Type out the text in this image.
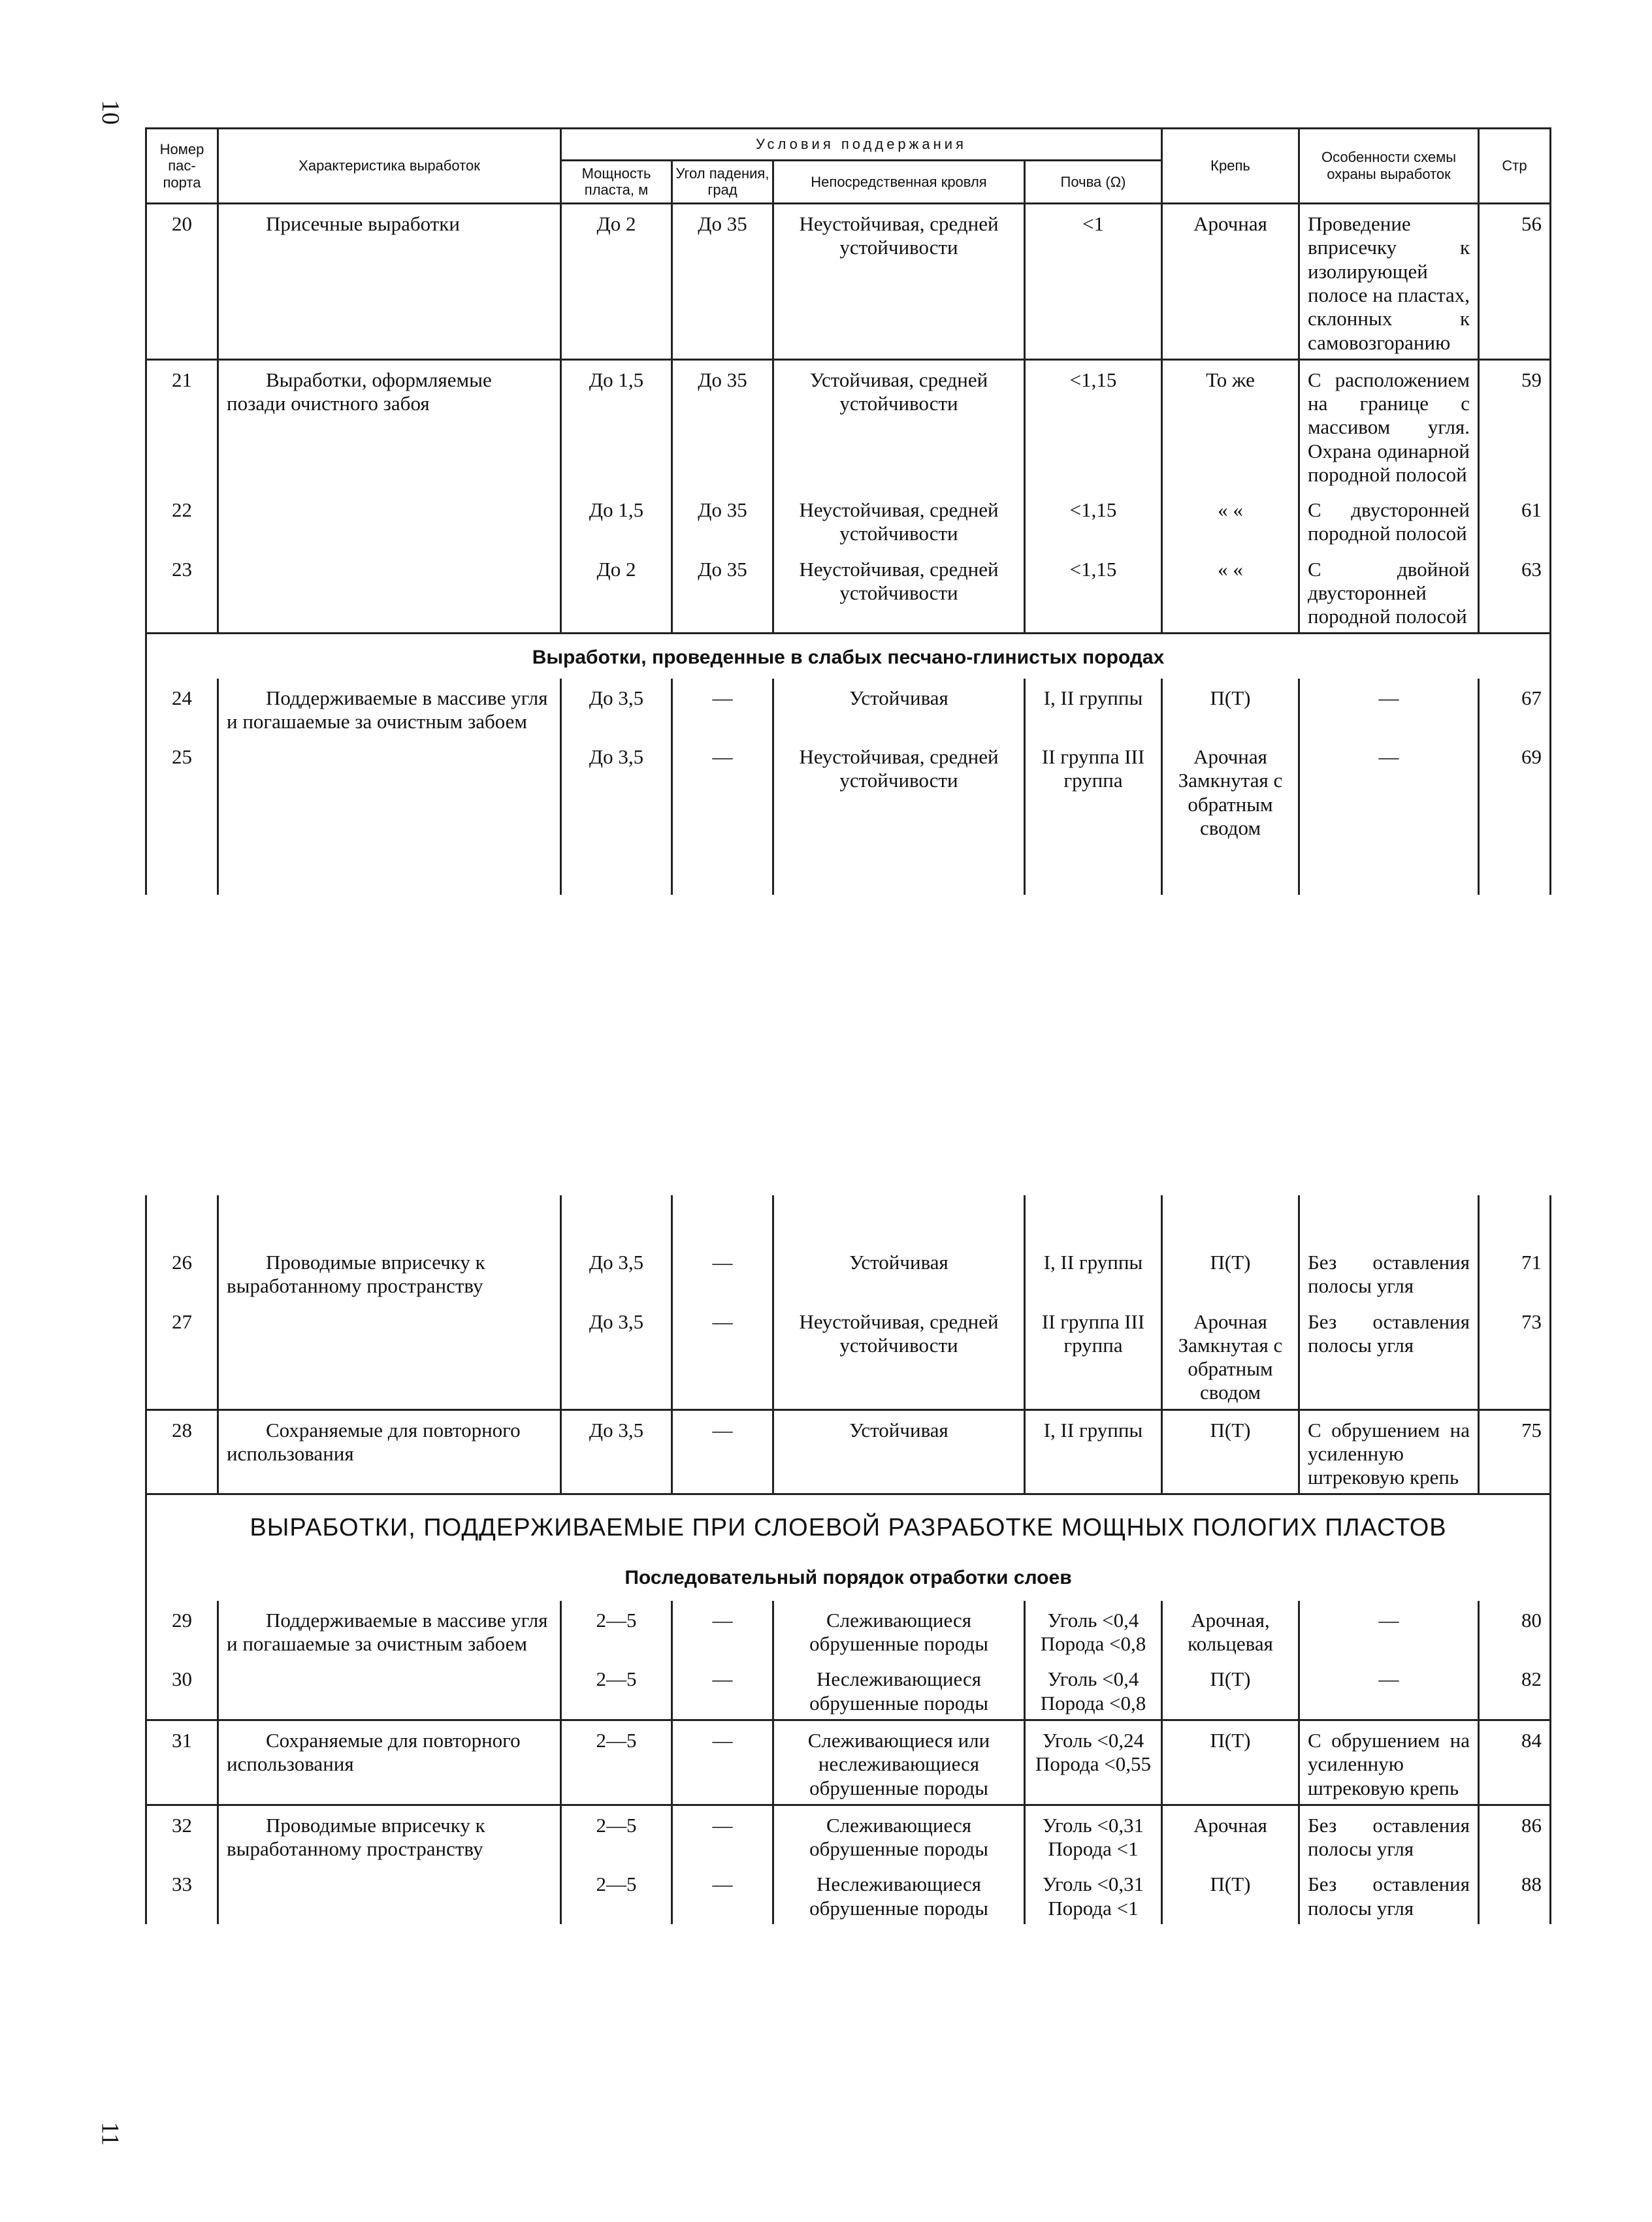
10
11
Номер пас- порта	Характеристика выработок	Условия поддержания				Крепь	Особенности схемы охраны выработок	Стр
		Мощность пласта, м	Угол падения, град	Непосредственная кровля	Почва (Ω)			
20	Присечные выработки	До 2	До 35	Неустойчивая, средней устойчивости	<1	Арочная	Проведение вприсечку к изолирующей полосе на пластах, склонных к самовозгоранию	56
21	Выработки, оформляемые позади очистного забоя	До 1,5	До 35	Устойчивая, средней устойчивости	<1,15	То же	С расположением на границе с массивом угля. Охрана одинарной породной полосой	59
22		До 1,5	До 35	Неустойчивая, средней устойчивости	<1,15	« «	С двусторонней породной полосой	61
23		До 2	До 35	Неустойчивая, средней устойчивости	<1,15	« «	С двойной двусторонней породной полосой	63
Выработки, проведенные в слабых песчано-глинистых породах								
24	Поддерживаемые в массиве угля и погашаемые за очистным забоем	До 3,5	—	Устойчивая	I, II группы	П(Т)	—	67
25		До 3,5	—	Неустойчивая, средней устойчивости	II группа III группа	Арочная Замкнутая с обратным сводом	—	69

26	Проводимые вприсечку к выработанному пространству	До 3,5	—	Устойчивая	I, II группы	П(Т)	Без оставления полосы угля	71
27		До 3,5	—	Неустойчивая, средней устойчивости	II группа III группа	Арочная Замкнутая с обратным сводом	Без оставления полосы угля	73
28	Сохраняемые для повторного использования	До 3,5	—	Устойчивая	I, II группы	П(Т)	С обрушением на усиленную штрековую крепь	75
ВЫРАБОТКИ, ПОДДЕРЖИВАЕМЫЕ ПРИ СЛОЕВОЙ РАЗРАБОТКЕ МОЩНЫХ ПОЛОГИХ ПЛАСТОВ								
Последовательный порядок отработки слоев								
29	Поддерживаемые в массиве угля и погашаемые за очистным забоем	2—5	—	Слеживающиеся обрушенные породы	Уголь <0,4 Порода <0,8	Арочная, кольцевая	—	80
30		2—5	—	Неслеживающиеся обрушенные породы	Уголь <0,4 Порода <0,8	П(Т)	—	82
31	Сохраняемые для повторного использования	2—5	—	Слеживающиеся или неслеживающиеся обрушенные породы	Уголь <0,24 Порода <0,55	П(Т)	С обрушением на усиленную штрековую крепь	84
32	Проводимые вприсечку к выработанному пространству	2—5	—	Слеживающиеся обрушенные породы	Уголь <0,31 Порода <1	Арочная	Без оставления полосы угля	86
33		2—5	—	Неслеживающиеся обрушенные породы	Уголь <0,31 Порода <1	П(Т)	Без оставления полосы угля	88
